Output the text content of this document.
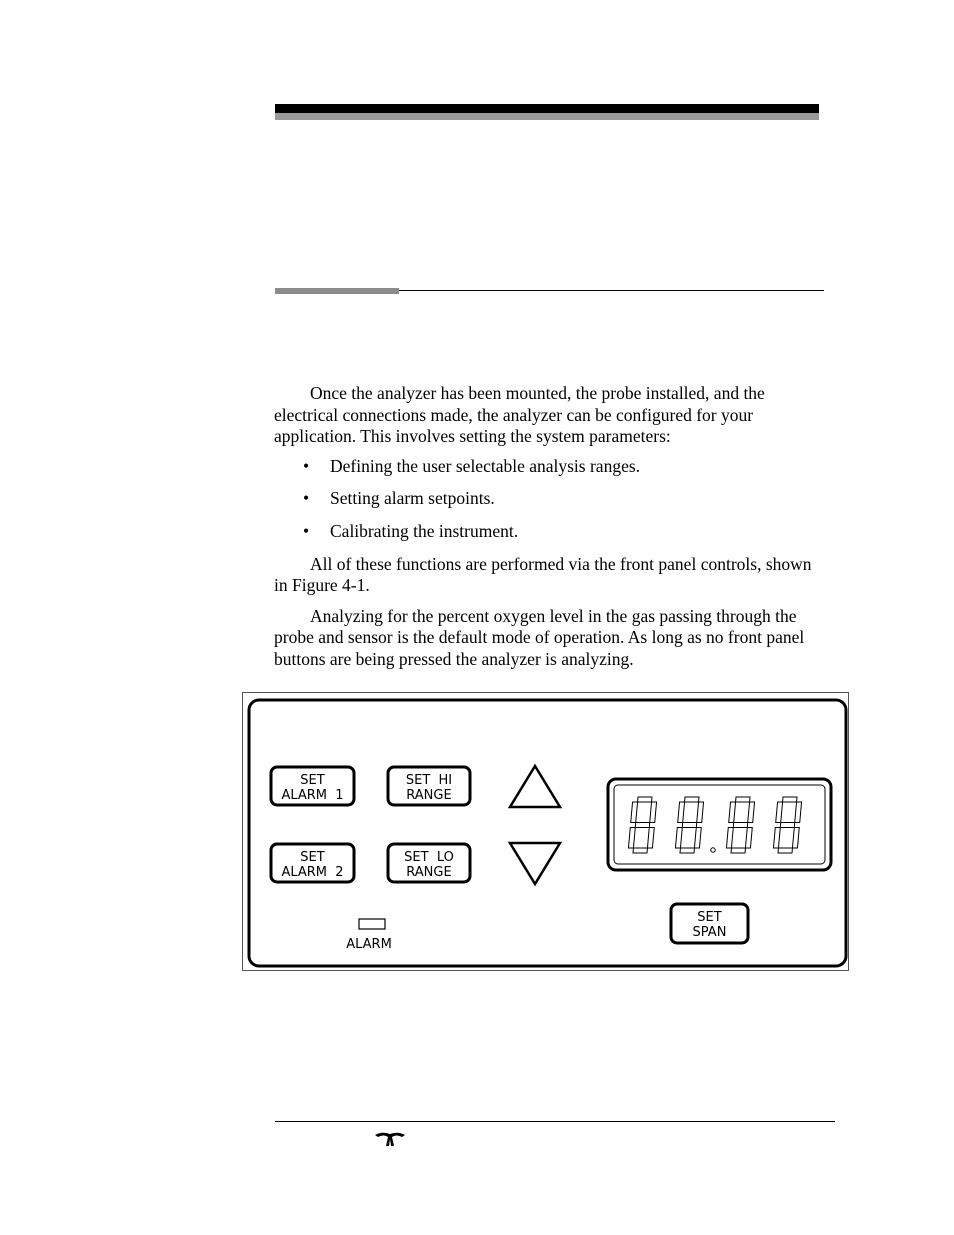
Once the analyzer has been mounted, the probe installed, and the electrical connections made, the analyzer can be configured for your application. This involves setting the system parameters:

• Defining the user selectable analysis ranges.
• Setting alarm setpoints.
• Calibrating the instrument.

All of these functions are performed via the front panel controls, shown in Figure 4-1.

Analyzing for the percent oxygen level in the gas passing through the probe and sensor is the default mode of operation. As long as no front panel buttons are being pressed the analyzer is analyzing.

SET
ALARM  1
SET
ALARM  2
SET  HI
RANGE
SET  LO
RANGE
SET
SPAN
ALARM
